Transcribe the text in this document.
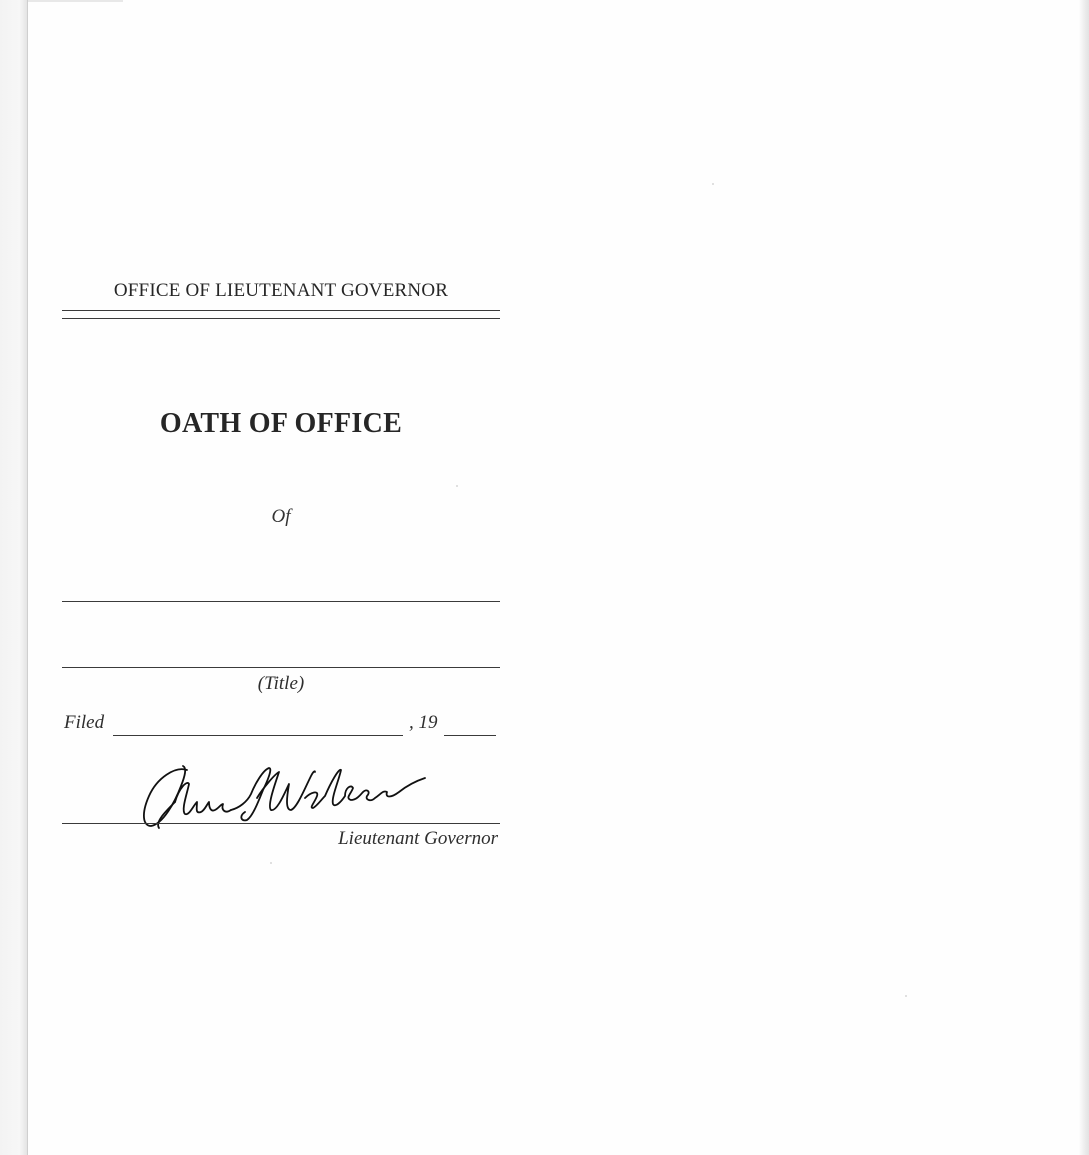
OFFICE OF LIEUTENANT GOVERNOR
OATH OF OFFICE
Of
(Title)
Filed	, 19
Lieutenant Governor
